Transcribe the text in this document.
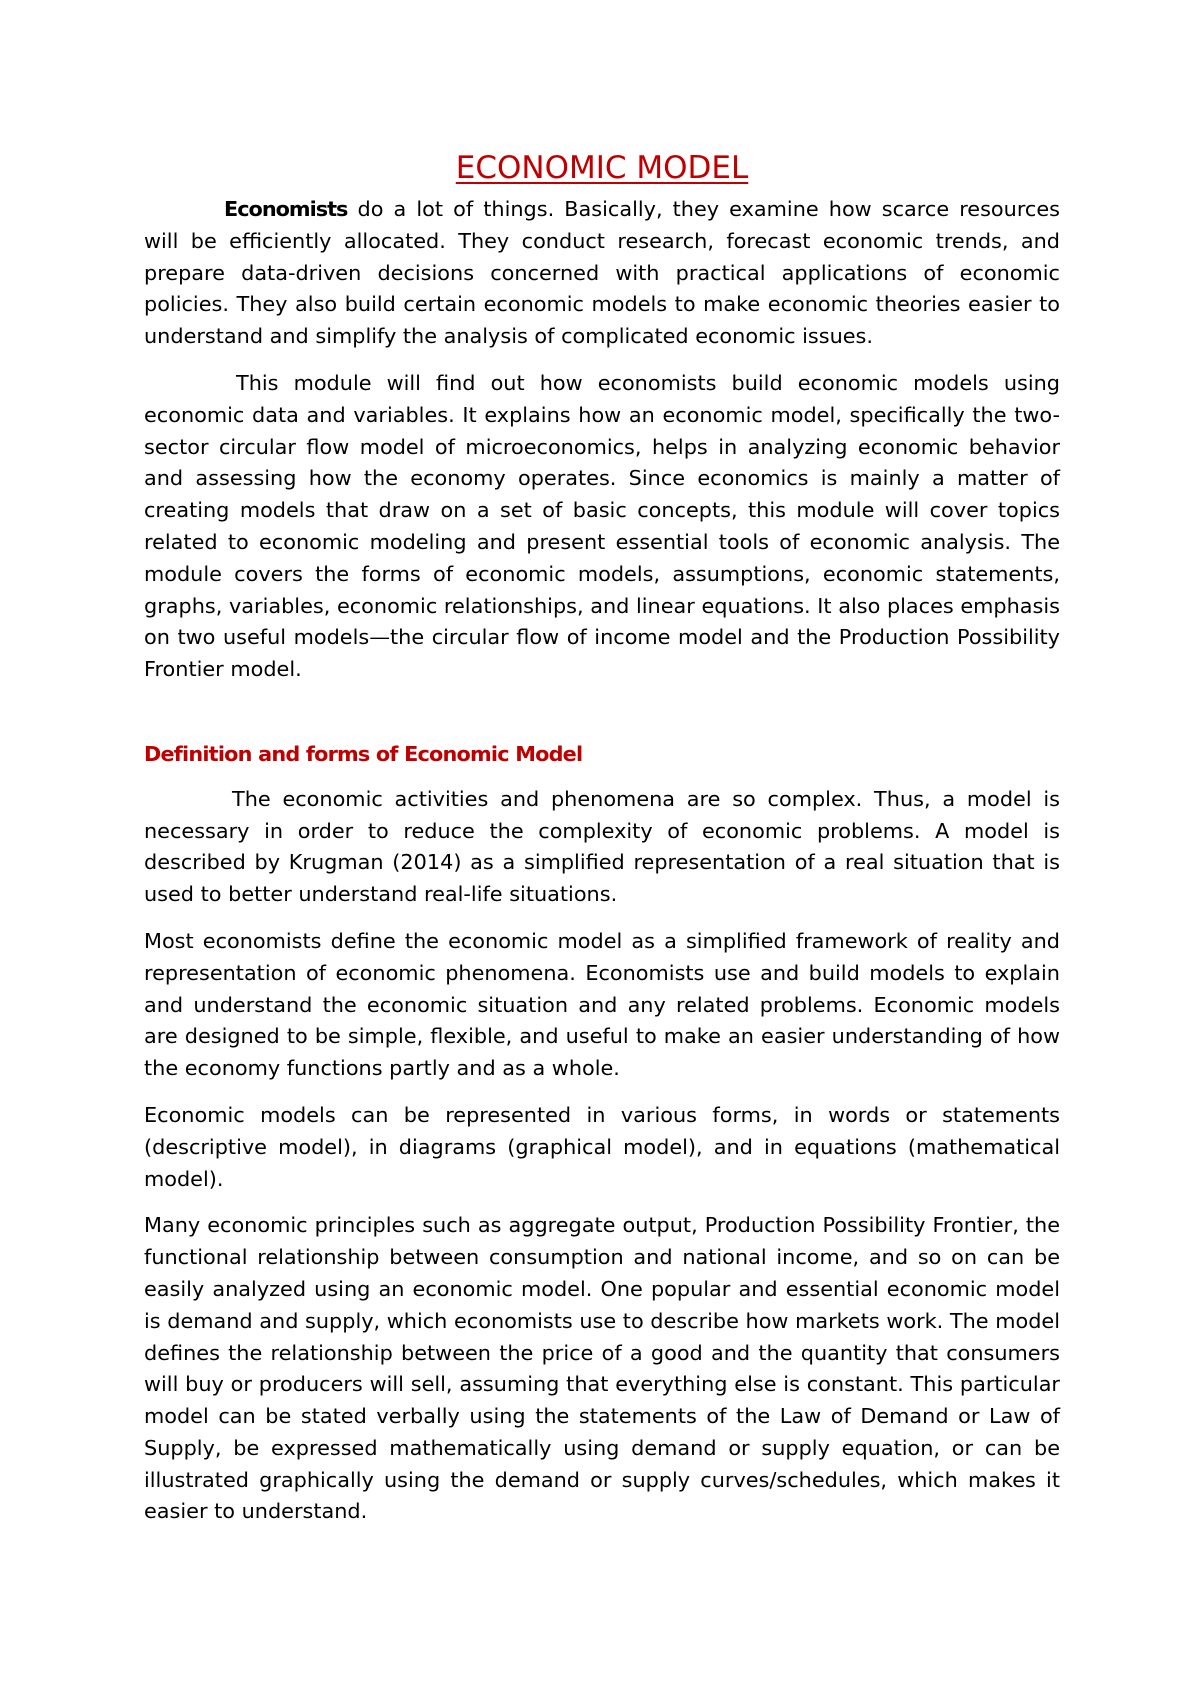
ECONOMIC MODEL

Economists do a lot of things. Basically, they examine how scarce resources will be efficiently allocated. They conduct research, forecast economic trends, and prepare data-driven decisions concerned with practical applications of economic policies. They also build certain economic models to make economic theories easier to understand and simplify the analysis of complicated economic issues.

This module will find out how economists build economic models using economic data and variables. It explains how an economic model, specifically the two-sector circular flow model of microeconomics, helps in analyzing economic behavior and assessing how the economy operates. Since economics is mainly a matter of creating models that draw on a set of basic concepts, this module will cover topics related to economic modeling and present essential tools of economic analysis. The module covers the forms of economic models, assumptions, economic statements, graphs, variables, economic relationships, and linear equations. It also places emphasis on two useful models—the circular flow of income model and the Production Possibility Frontier model.

Definition and forms of Economic Model

The economic activities and phenomena are so complex. Thus, a model is necessary in order to reduce the complexity of economic problems. A model is described by Krugman (2014) as a simplified representation of a real situation that is used to better understand real-life situations.

Most economists define the economic model as a simplified framework of reality and representation of economic phenomena. Economists use and build models to explain and understand the economic situation and any related problems. Economic models are designed to be simple, flexible, and useful to make an easier understanding of how the economy functions partly and as a whole.

Economic models can be represented in various forms, in words or statements (descriptive model), in diagrams (graphical model), and in equations (mathematical model).

Many economic principles such as aggregate output, Production Possibility Frontier, the functional relationship between consumption and national income, and so on can be easily analyzed using an economic model. One popular and essential economic model is demand and supply, which economists use to describe how markets work. The model defines the relationship between the price of a good and the quantity that consumers will buy or producers will sell, assuming that everything else is constant. This particular model can be stated verbally using the statements of the Law of Demand or Law of Supply, be expressed mathematically using demand or supply equation, or can be illustrated graphically using the demand or supply curves/schedules, which makes it easier to understand.
